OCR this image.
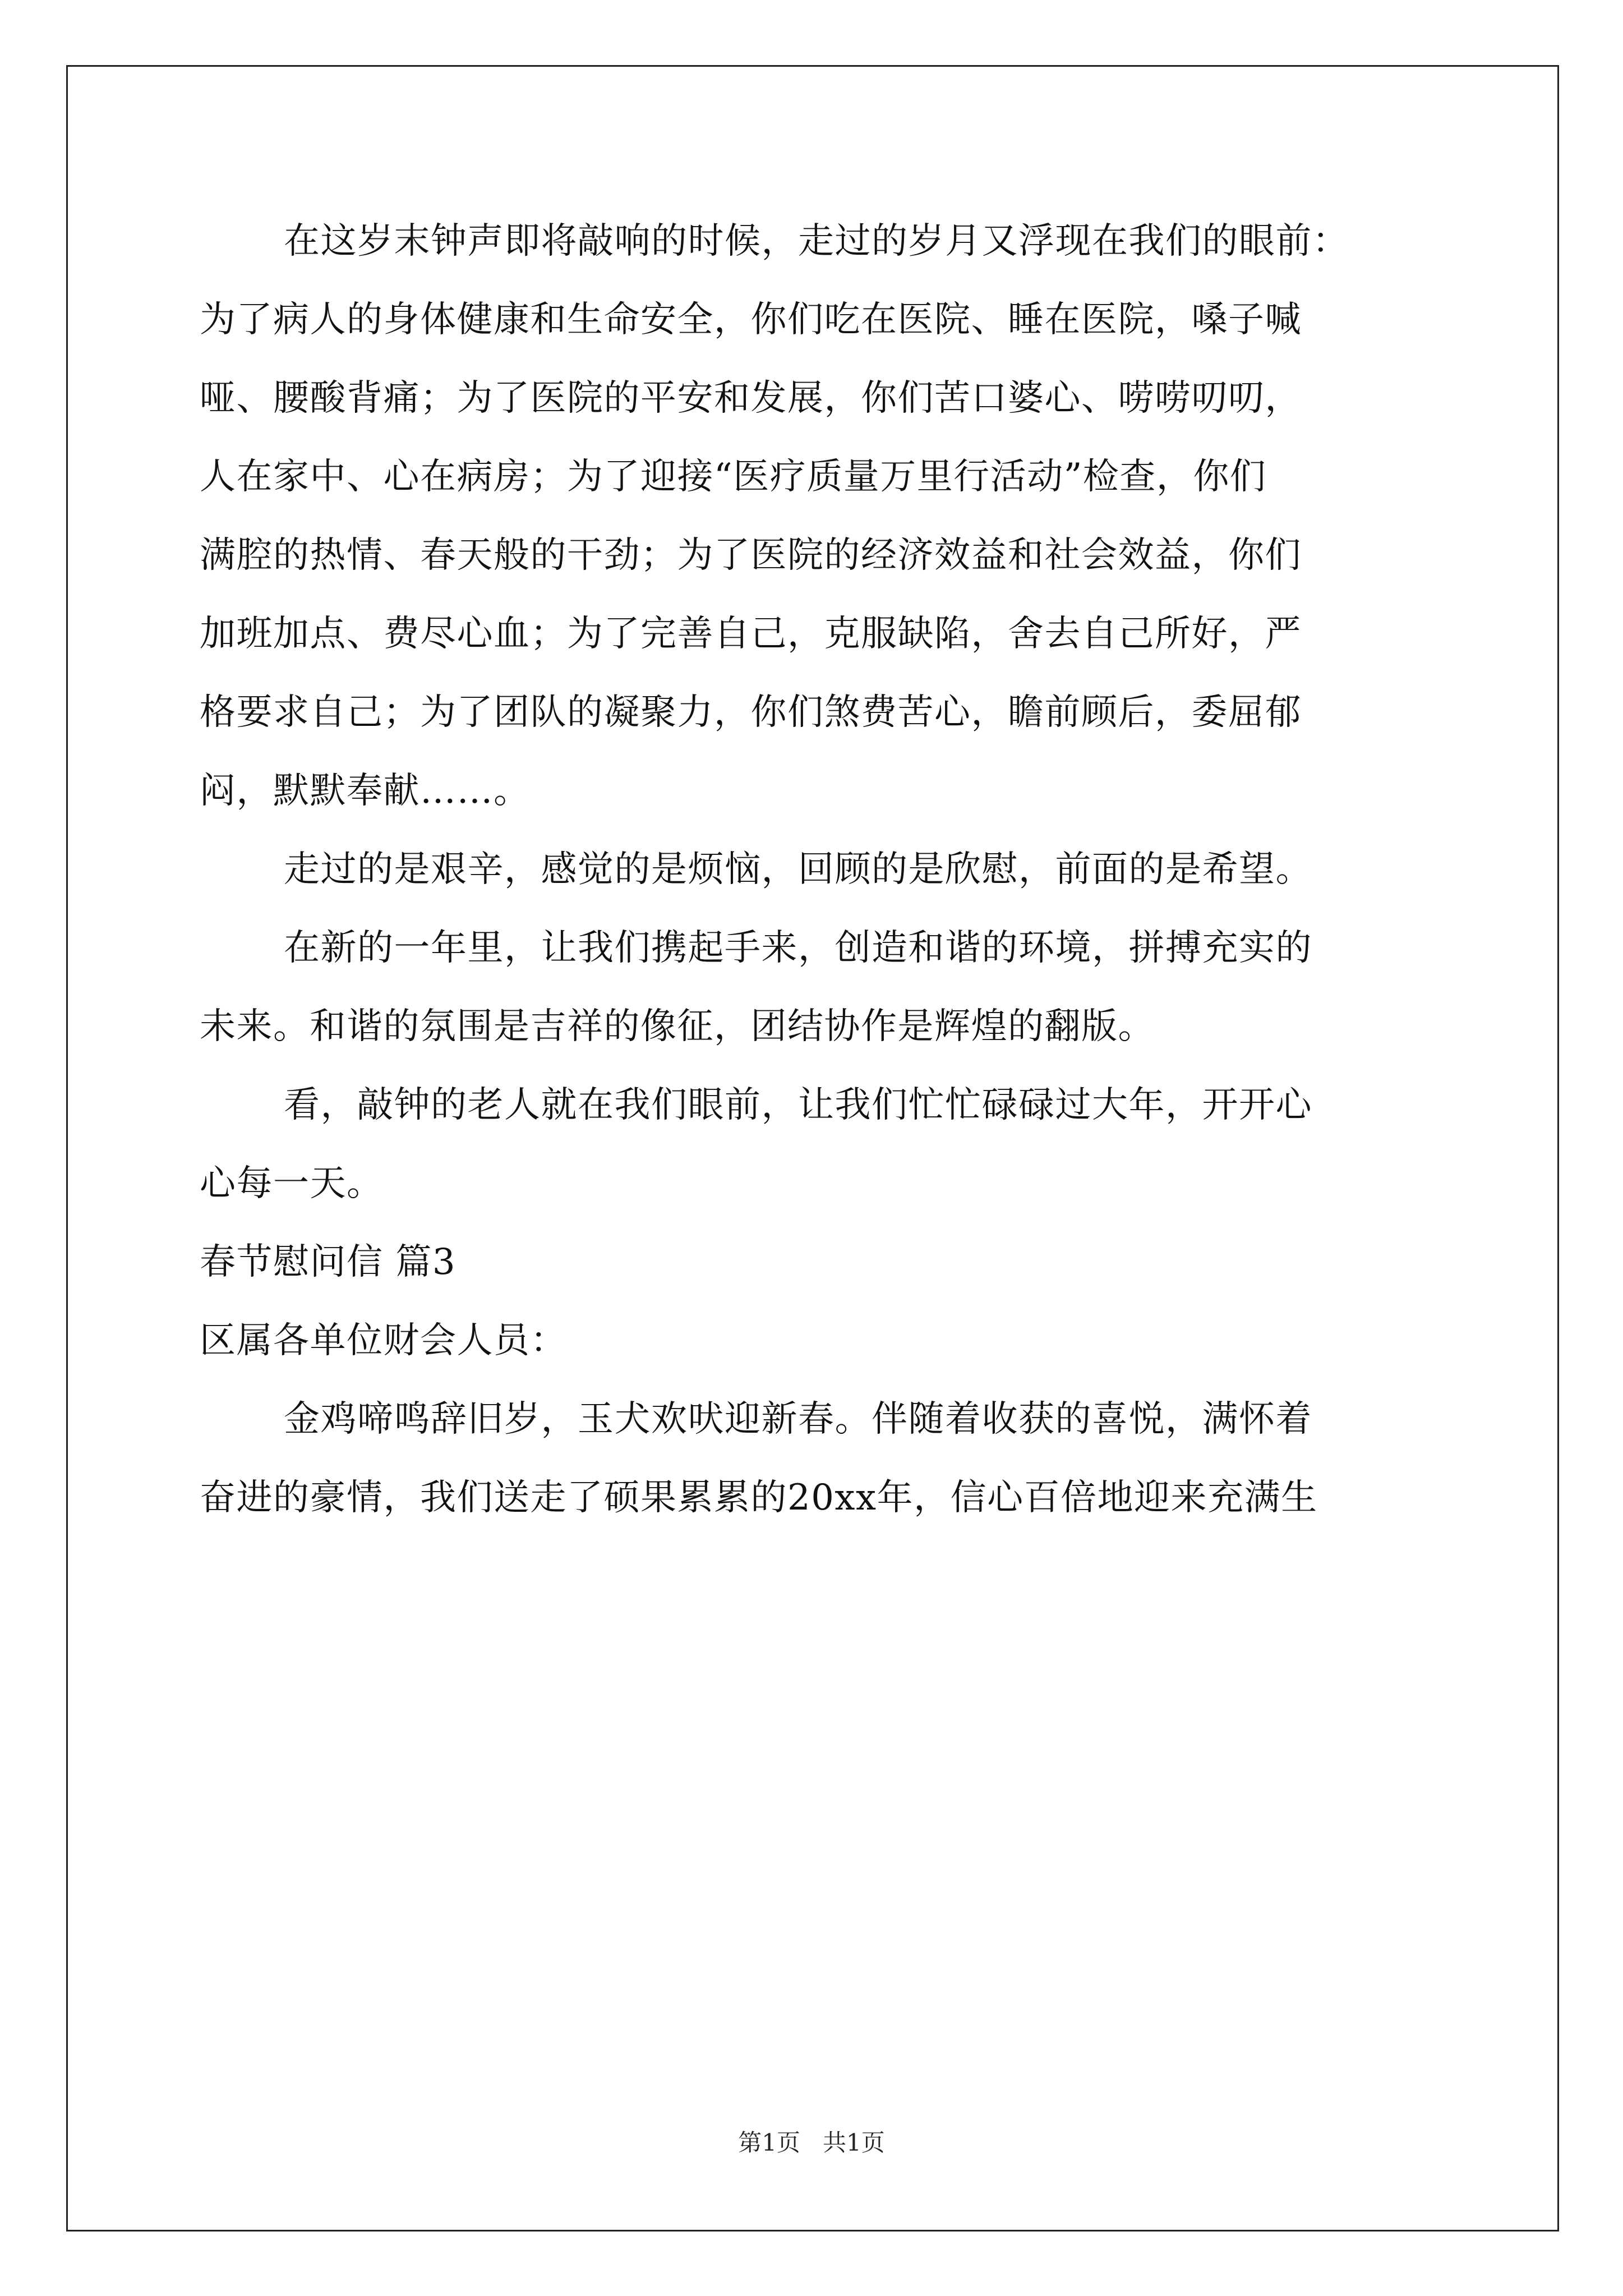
在这岁末钟声即将敲响的时候，走过的岁月又浮现在我们的眼前：
为了病人的身体健康和生命安全，你们吃在医院、睡在医院，嗓子喊
哑、腰酸背痛；为了医院的平安和发展，你们苦口婆心、唠唠叨叨，
人在家中、心在病房；为了迎接“医疗质量万里行活动”检查，你们
满腔的热情、春天般的干劲；为了医院的经济效益和社会效益，你们
加班加点、费尽心血；为了完善自己，克服缺陷，舍去自己所好，严
格要求自己；为了团队的凝聚力，你们煞费苦心，瞻前顾后，委屈郁
闷，默默奉献……。
走过的是艰辛，感觉的是烦恼，回顾的是欣慰，前面的是希望。
在新的一年里，让我们携起手来，创造和谐的环境，拼搏充实的
未来。和谐的氛围是吉祥的像征，团结协作是辉煌的翻版。
看，敲钟的老人就在我们眼前，让我们忙忙碌碌过大年，开开心
心每一天。
春节慰问信 篇3
区属各单位财会人员：
金鸡啼鸣辞旧岁，玉犬欢吠迎新春。伴随着收获的喜悦，满怀着
奋进的豪情，我们送走了硕果累累的20xx年，信心百倍地迎来充满生
第1页   共1页
